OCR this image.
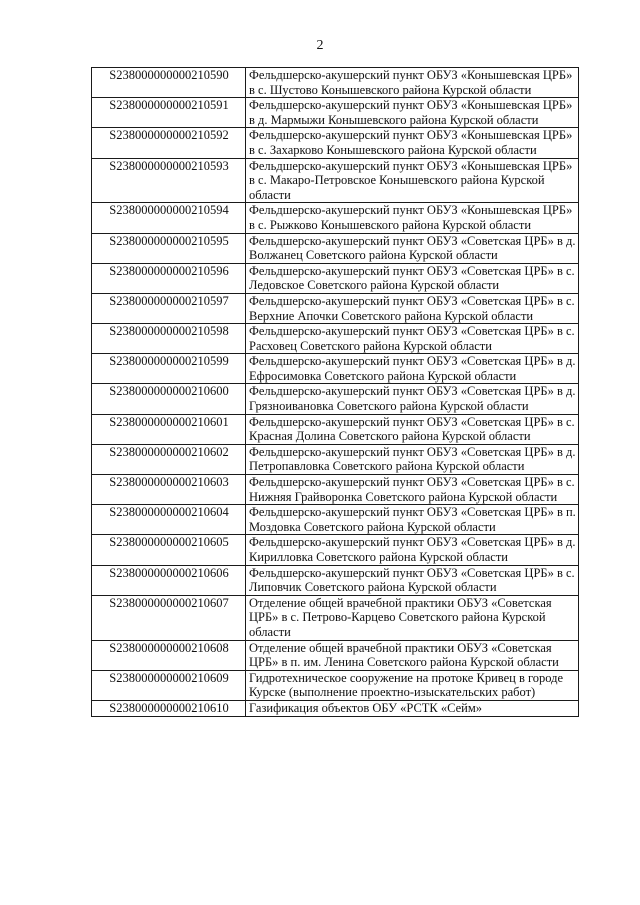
2
S238000000000210590	Фельдшерско-акушерский пункт ОБУЗ «Конышевская ЦРБ» в с. Шустово Конышевского района Курской области
S238000000000210591	Фельдшерско-акушерский пункт ОБУЗ «Конышевская ЦРБ» в д. Мармыжи Конышевского района Курской области
S238000000000210592	Фельдшерско-акушерский пункт ОБУЗ «Конышевская ЦРБ» в с. Захарково Конышевского района Курской области
S238000000000210593	Фельдшерско-акушерский пункт ОБУЗ «Конышевская ЦРБ» в с. Макаро-Петровское Конышевского района Курской области
S238000000000210594	Фельдшерско-акушерский пункт ОБУЗ «Конышевская ЦРБ» в с. Рыжково Конышевского района Курской области
S238000000000210595	Фельдшерско-акушерский пункт ОБУЗ «Советская ЦРБ» в д. Волжанец Советского района Курской области
S238000000000210596	Фельдшерско-акушерский пункт ОБУЗ «Советская ЦРБ» в с. Ледовское Советского района Курской области
S238000000000210597	Фельдшерско-акушерский пункт ОБУЗ «Советская ЦРБ» в с. Верхние Апочки Советского района Курской области
S238000000000210598	Фельдшерско-акушерский пункт ОБУЗ «Советская ЦРБ» в с. Расховец Советского района Курской области
S238000000000210599	Фельдшерско-акушерский пункт ОБУЗ «Советская ЦРБ» в д. Ефросимовка Советского района Курской области
S238000000000210600	Фельдшерско-акушерский пункт ОБУЗ «Советская ЦРБ» в д. Грязноивановка Советского района Курской области
S238000000000210601	Фельдшерско-акушерский пункт ОБУЗ «Советская ЦРБ» в с. Красная Долина Советского района Курской области
S238000000000210602	Фельдшерско-акушерский пункт ОБУЗ «Советская ЦРБ» в д. Петропавловка Советского района Курской области
S238000000000210603	Фельдшерско-акушерский пункт ОБУЗ «Советская ЦРБ» в с. Нижняя Грайворонка Советского района Курской области
S238000000000210604	Фельдшерско-акушерский пункт ОБУЗ «Советская ЦРБ» в п. Моздовка Советского района Курской области
S238000000000210605	Фельдшерско-акушерский пункт ОБУЗ «Советская ЦРБ» в д. Кирилловка Советского района Курской области
S238000000000210606	Фельдшерско-акушерский пункт ОБУЗ «Советская ЦРБ» в с. Липовчик Советского района Курской области
S238000000000210607	Отделение общей врачебной практики ОБУЗ «Советская ЦРБ» в с. Петрово-Карцево Советского района Курской области
S238000000000210608	Отделение общей врачебной практики ОБУЗ «Советская ЦРБ» в п. им. Ленина Советского района Курской области
S238000000000210609	Гидротехническое сооружение на протоке Кривец в городе Курске (выполнение проектно-изыскательских работ)
S238000000000210610	Газификация объектов ОБУ «РСТК «Сейм»
